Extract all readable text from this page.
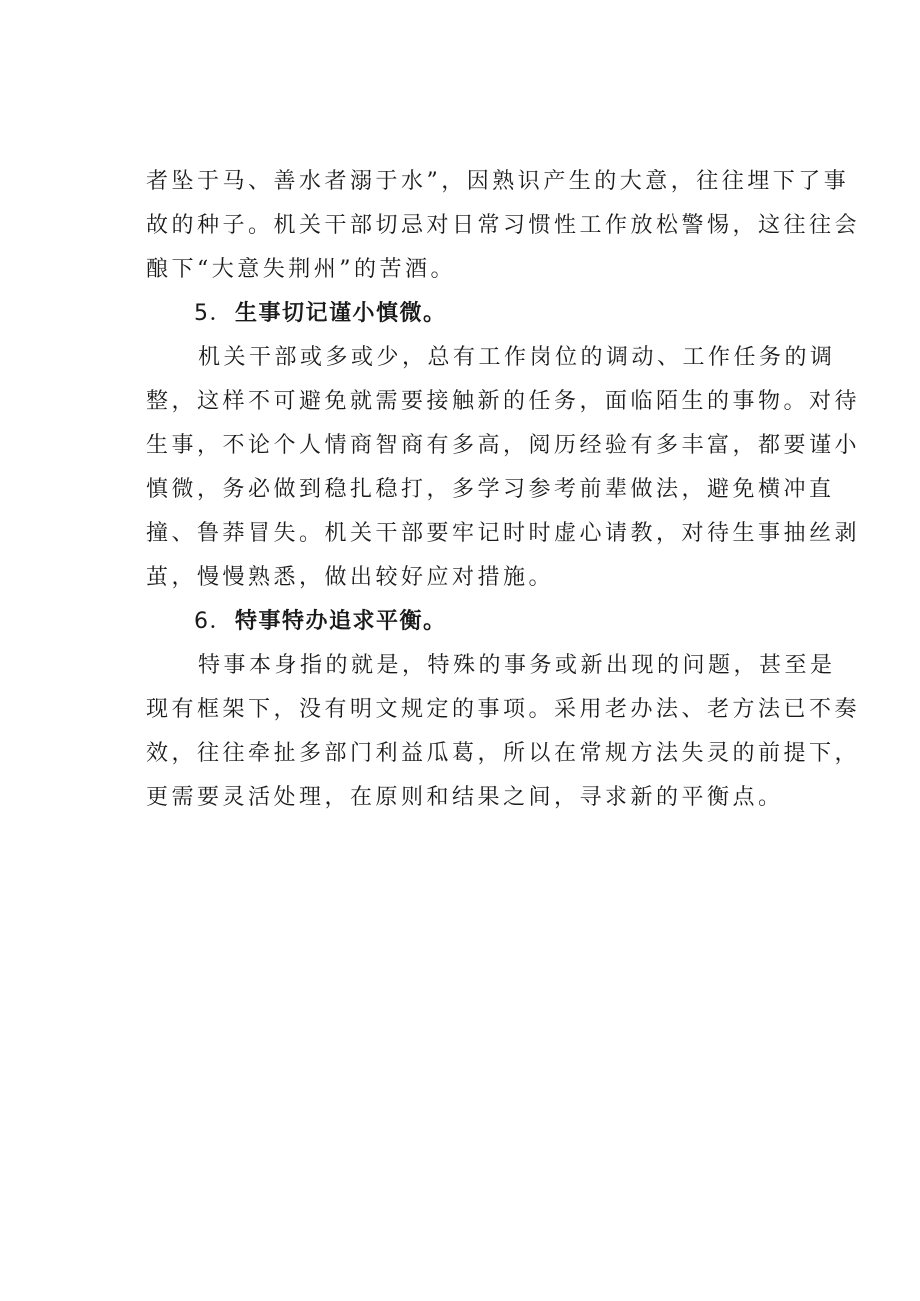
者坠于马、善水者溺于水”，因熟识产生的大意，往往埋下了事
故的种子。机关干部切忌对日常习惯性工作放松警惕，这往往会
酿下“大意失荆州”的苦酒。
5．生事切记谨小慎微。
机关干部或多或少，总有工作岗位的调动、工作任务的调
整，这样不可避免就需要接触新的任务，面临陌生的事物。对待
生事，不论个人情商智商有多高，阅历经验有多丰富，都要谨小
慎微，务必做到稳扎稳打，多学习参考前辈做法，避免横冲直
撞、鲁莽冒失。机关干部要牢记时时虚心请教，对待生事抽丝剥
茧，慢慢熟悉，做出较好应对措施。
6．特事特办追求平衡。
特事本身指的就是，特殊的事务或新出现的问题，甚至是
现有框架下，没有明文规定的事项。采用老办法、老方法已不奏
效，往往牵扯多部门利益瓜葛，所以在常规方法失灵的前提下，
更需要灵活处理，在原则和结果之间，寻求新的平衡点。
